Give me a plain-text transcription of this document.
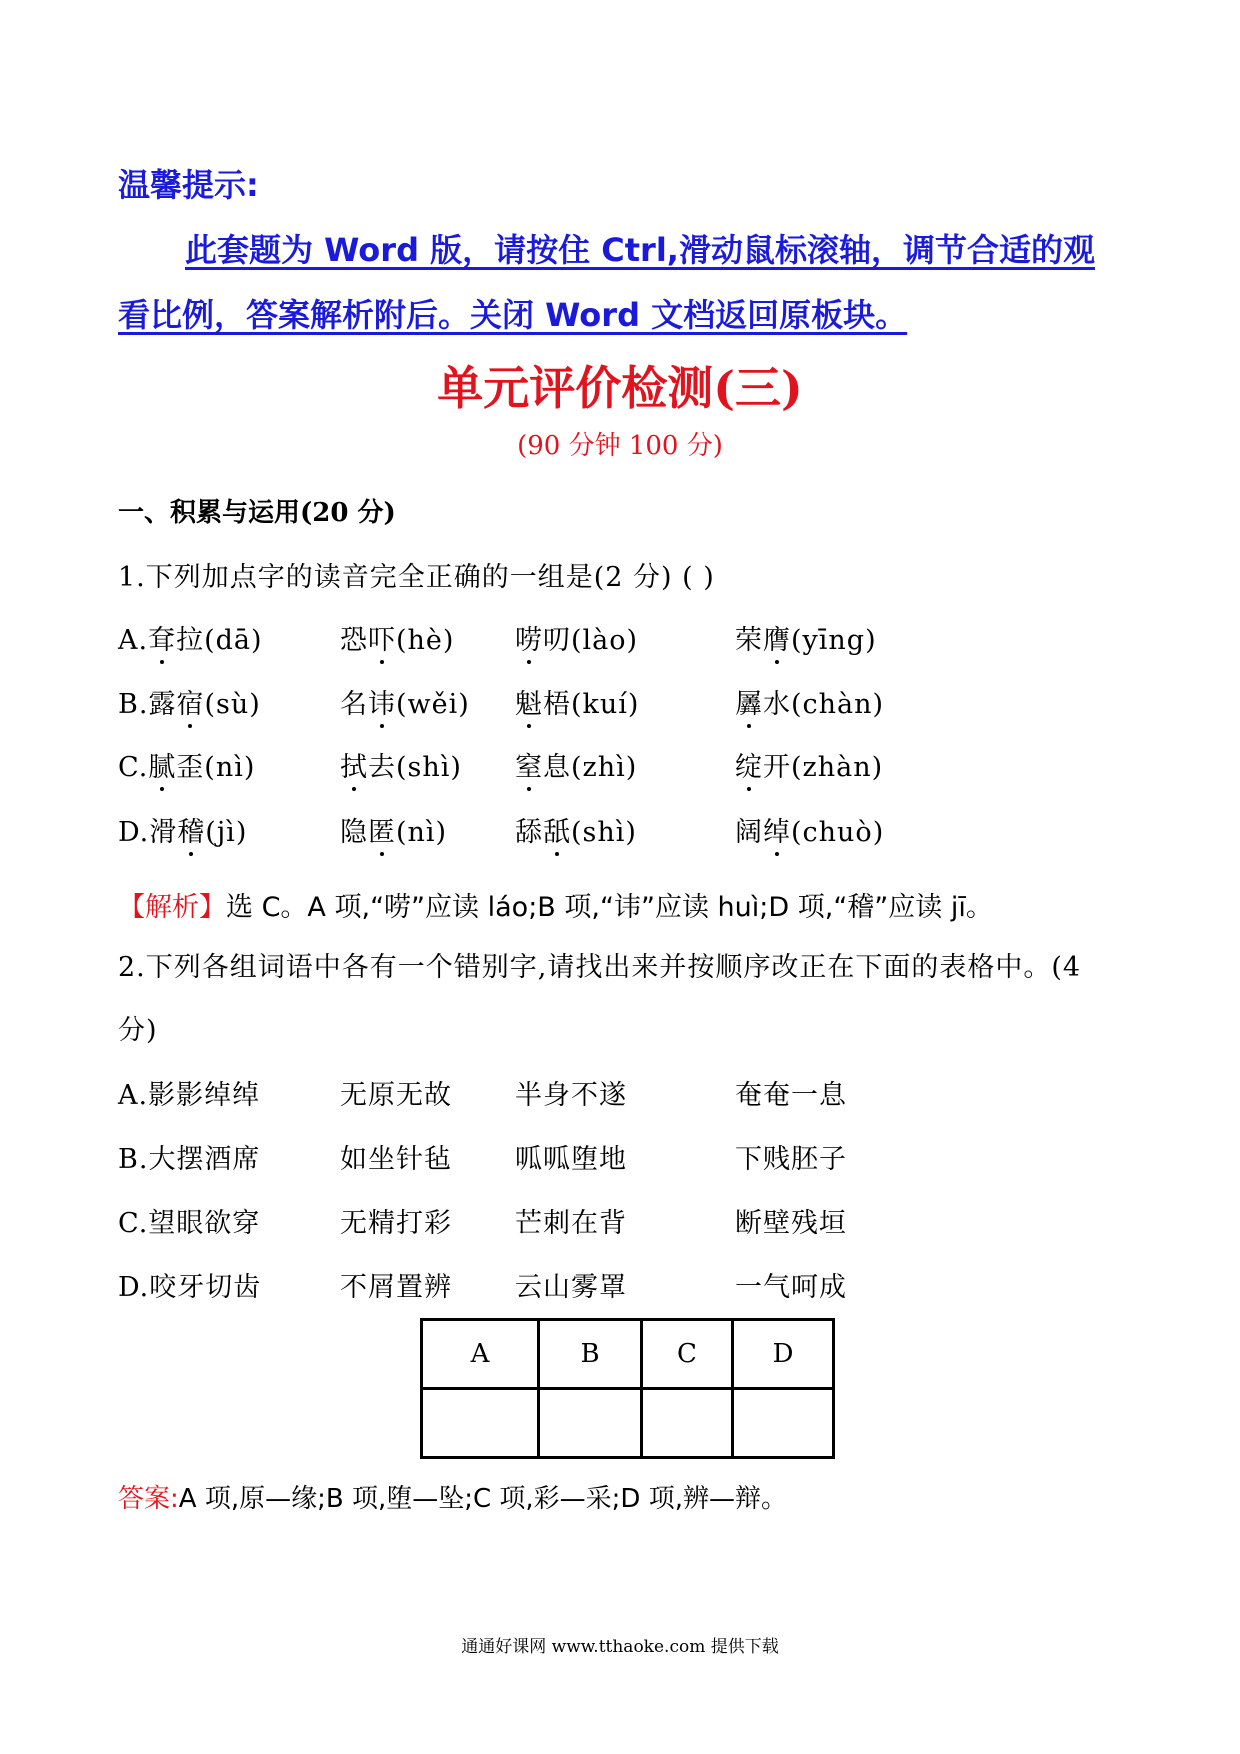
温馨提示:
此套题为 Word 版，请按住 Ctrl,滑动鼠标滚轴，调节合适的观
看比例，答案解析附后。关闭 Word 文档返回原板块。
单元评价检测(三)
(90 分钟 100 分)
一、积累与运用(20 分)
1.下列加点字的读音完全正确的一组是(2 分) ( )
A.耷拉(dā)	恐吓(hè) 唠叨(lào)	荣膺(yīng)
B.露宿(sù)	名讳(wěi) 魁梧(kuí)	羼水(chàn)
C.腻歪(nì)	拭去(shì) 窒息(zhì)	绽开(zhàn)
D.滑稽(jì)	隐匿(nì)	舔舐(shì)	阔绰(chuò)
【解析】选 C。A 项,“唠”应读 láo;B 项,“讳”应读 huì;D 项,“稽”应读 jī。
2.下列各组词语中各有一个错别字,请找出来并按顺序改正在下面的表格中。(4
分)
A.影影绰绰	无原无故 半身不遂	奄奄一息
B.大摆酒席	如坐针毡 呱呱堕地	下贱胚子
C.望眼欲穿	无精打彩 芒刺在背	断壁残垣
D.咬牙切齿	不屑置辨 云山雾罩	一气呵成
A	B	C	D

答案:A 项,原—缘;B 项,堕—坠;C 项,彩—采;D 项,辨—辩。
通通好课网 www.tthaoke.com 提供下载
